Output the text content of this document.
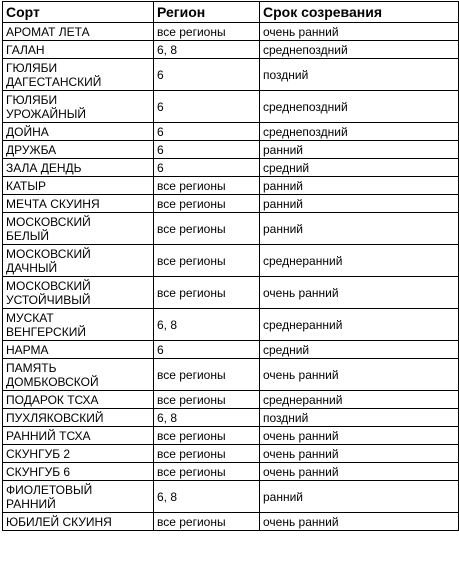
Сорт	Регион	Срок созревания

АРОМАТ ЛЕТА	все регионы	очень ранний

ГАЛАН	6, 8	среднепоздний

ГЮЛЯБИ
ДАГЕСТАНСКИЙ	6	поздний

ГЮЛЯБИ
УРОЖАЙНЫЙ	6	среднепоздний

ДОЙНА	6	среднепоздний

ДРУЖБА	6	ранний

ЗАЛА ДЕНДЬ	6	средний

КАТЫР	все регионы	ранний

МЕЧТА СКУИНЯ	все регионы	ранний

МОСКОВСКИЙ
БЕЛЫЙ	все регионы	ранний

МОСКОВСКИЙ
ДАЧНЫЙ	все регионы	среднеранний

МОСКОВСКИЙ
УСТОЙЧИВЫЙ	все регионы	очень ранний

МУСКАТ
ВЕНГЕРСКИЙ	6, 8	среднеранний

НАРМА	6	средний

ПАМЯТЬ
ДОМБКОВСКОЙ	все регионы	очень ранний

ПОДАРОК ТСХА	все регионы	среднеранний

ПУХЛЯКОВСКИЙ	6, 8	поздний

РАННИЙ ТСХА	все регионы	очень ранний

СКУНГУБ 2	все регионы	очень ранний

СКУНГУБ 6	все регионы	очень ранний

ФИОЛЕТОВЫЙ
РАННИЙ	6, 8	ранний

ЮБИЛЕЙ СКУИНЯ	все регионы	очень ранний
